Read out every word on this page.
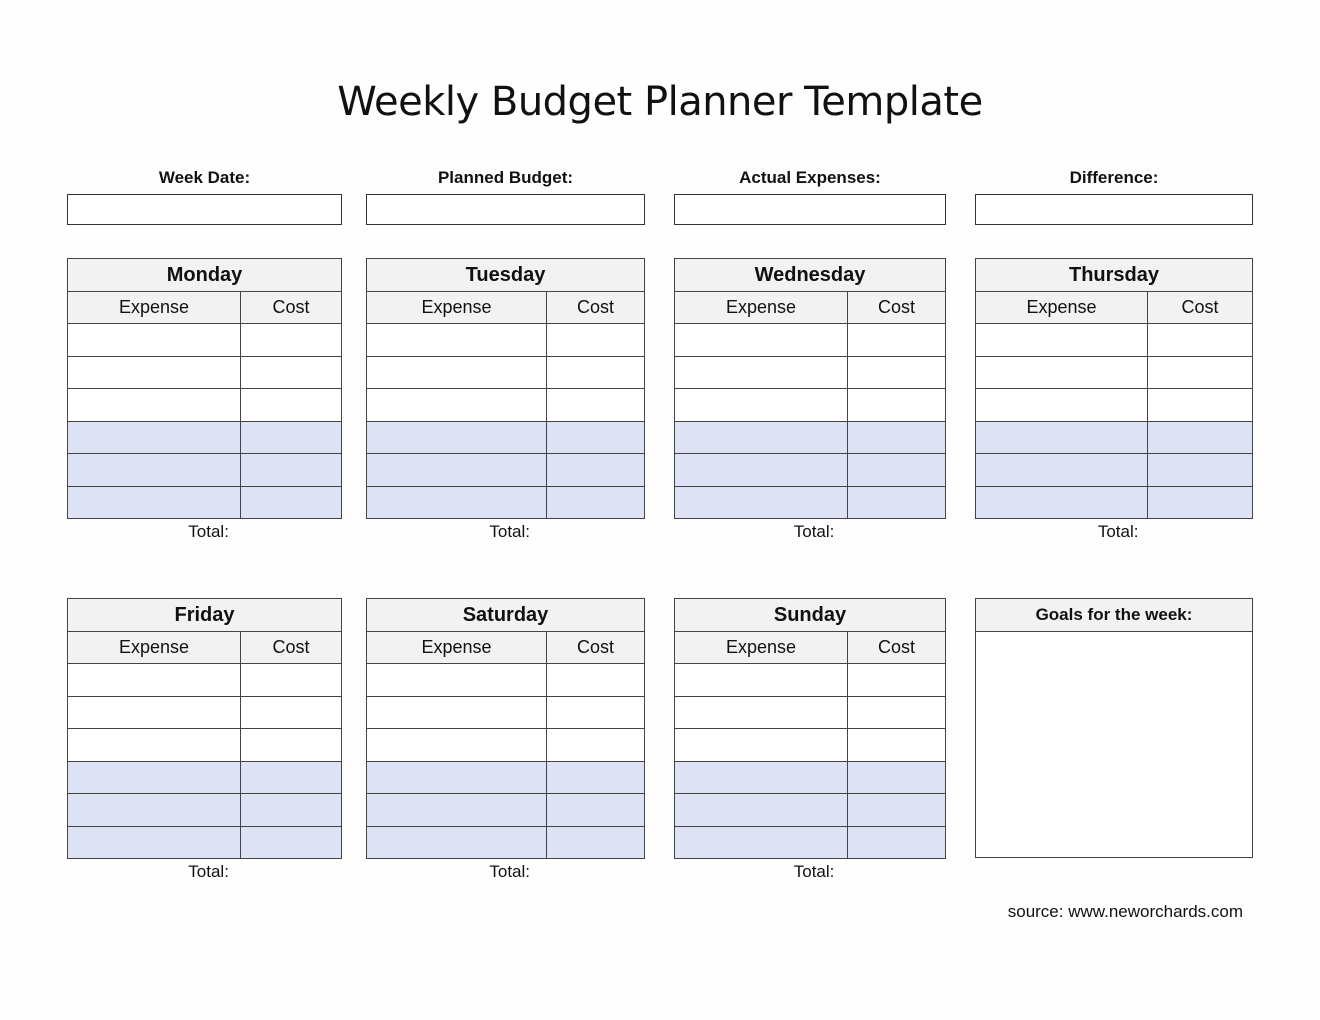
Weekly Budget Planner Template
Week Date:	Planned Budget:	Actual Expenses:	Difference:
Monday	
Expense	Cost

Total:
Tuesday	
Expense	Cost

Total:
Wednesday	
Expense	Cost

Total:
Thursday	
Expense	Cost

Total:
Friday	
Expense	Cost

Total:
Saturday	
Expense	Cost

Total:
Sunday	
Expense	Cost

Total:
Goals for the week:
source: www.neworchards.com
